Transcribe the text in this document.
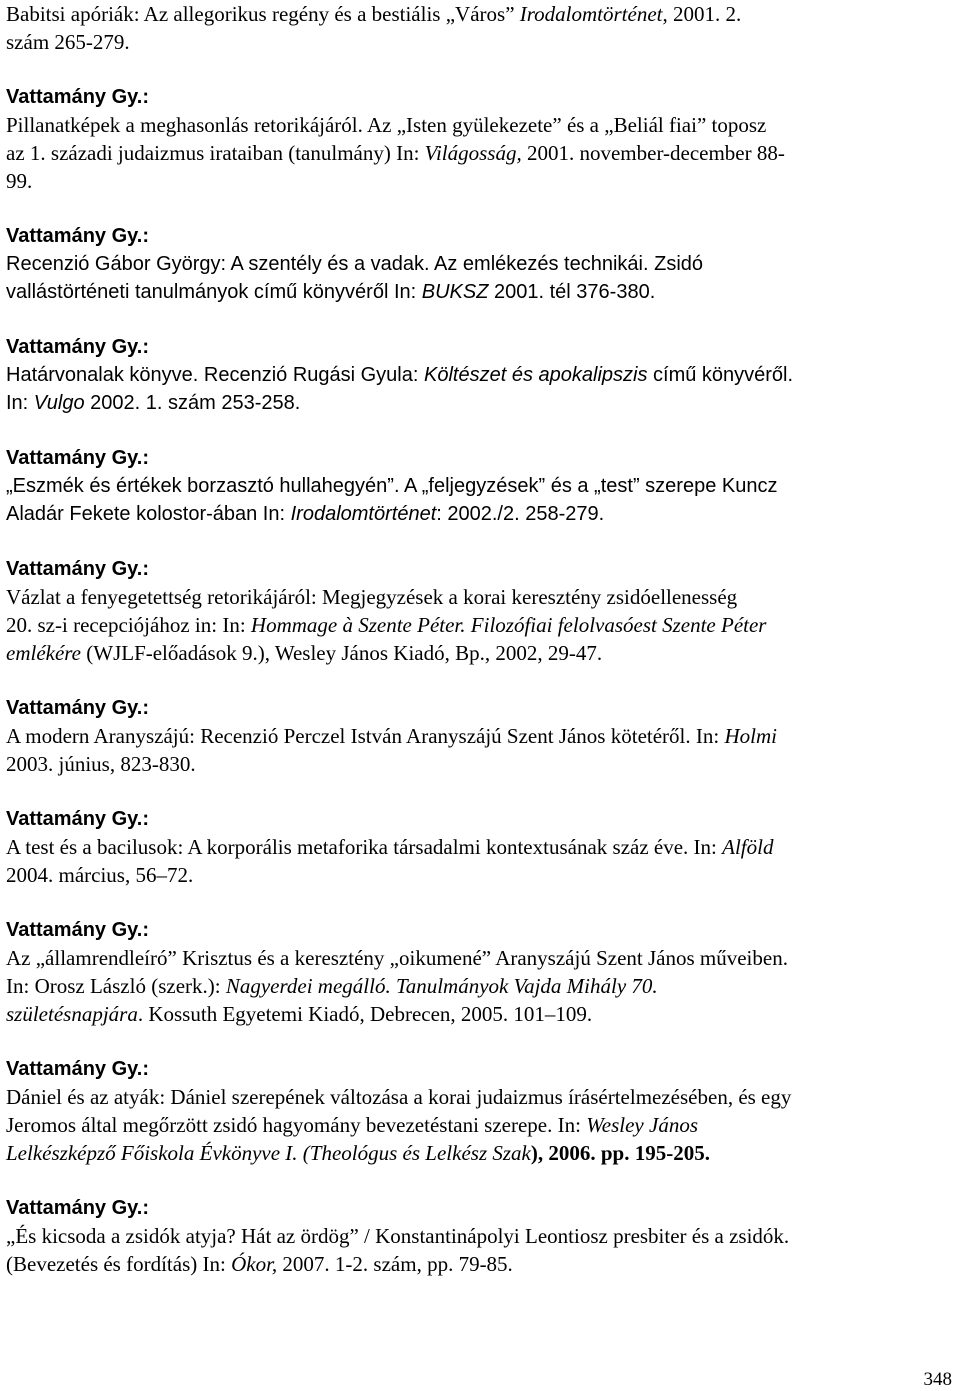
Babitsi apóriák: Az allegorikus regény és a bestiális „Város” Irodalomtörténet, 2001. 2.
szám 265-279.

Vattamány Gy.:

Pillanatképek a meghasonlás retorikájáról. Az „Isten gyülekezete” és a „Beliál fiai” toposz
az 1. századi judaizmus irataiban (tanulmány) In: Világosság, 2001. november-december 88-
99.

Vattamány Gy.:

Recenzió Gábor György: A szentély és a vadak. Az emlékezés technikái. Zsidó
vallástörténeti tanulmányok című könyvéről In: BUKSZ 2001. tél 376-380.

Vattamány Gy.:

Határvonalak könyve. Recenzió Rugási Gyula: Költészet és apokalipszis című könyvéről.
In: Vulgo 2002. 1. szám 253-258.

Vattamány Gy.:

„Eszmék és értékek borzasztó hullahegyén”. A „feljegyzések” és a „test” szerepe Kuncz
Aladár Fekete kolostor-ában In: Irodalomtörténet: 2002./2. 258-279.

Vattamány Gy.:

Vázlat a fenyegetettség retorikájáról: Megjegyzések a korai keresztény zsidóellenesség
20. sz-i recepciójához in: In: Hommage à Szente Péter. Filozófiai felolvasóest Szente Péter
emlékére (WJLF-előadások 9.), Wesley János Kiadó, Bp., 2002, 29-47.

Vattamány Gy.:

A modern Aranyszájú: Recenzió Perczel István Aranyszájú Szent János kötetéről. In: Holmi
2003. június, 823-830.

Vattamány Gy.:

A test és a bacilusok: A korporális metaforika társadalmi kontextusának száz éve. In: Alföld
2004. március, 56–72.

Vattamány Gy.:

Az „államrendleíró” Krisztus és a keresztény „oikumené” Aranyszájú Szent János műveiben.
In: Orosz László (szerk.): Nagyerdei megálló. Tanulmányok Vajda Mihály 70.
születésnapjára. Kossuth Egyetemi Kiadó, Debrecen, 2005. 101–109.

Vattamány Gy.:

Dániel és az atyák: Dániel szerepének változása a korai judaizmus írásértelmezésében, és egy
Jeromos által megőrzött zsidó hagyomány bevezetéstani szerepe. In: Wesley János
Lelkészképző Főiskola Évkönyve I. (Theológus és Lelkész Szak), 2006. pp. 195-205.

Vattamány Gy.:

„És kicsoda a zsidók atyja? Hát az ördög” / Konstantinápolyi Leontiosz presbiter és a zsidók.
(Bevezetés és fordítás) In: Ókor, 2007. 1-2. szám, pp. 79-85.

348
